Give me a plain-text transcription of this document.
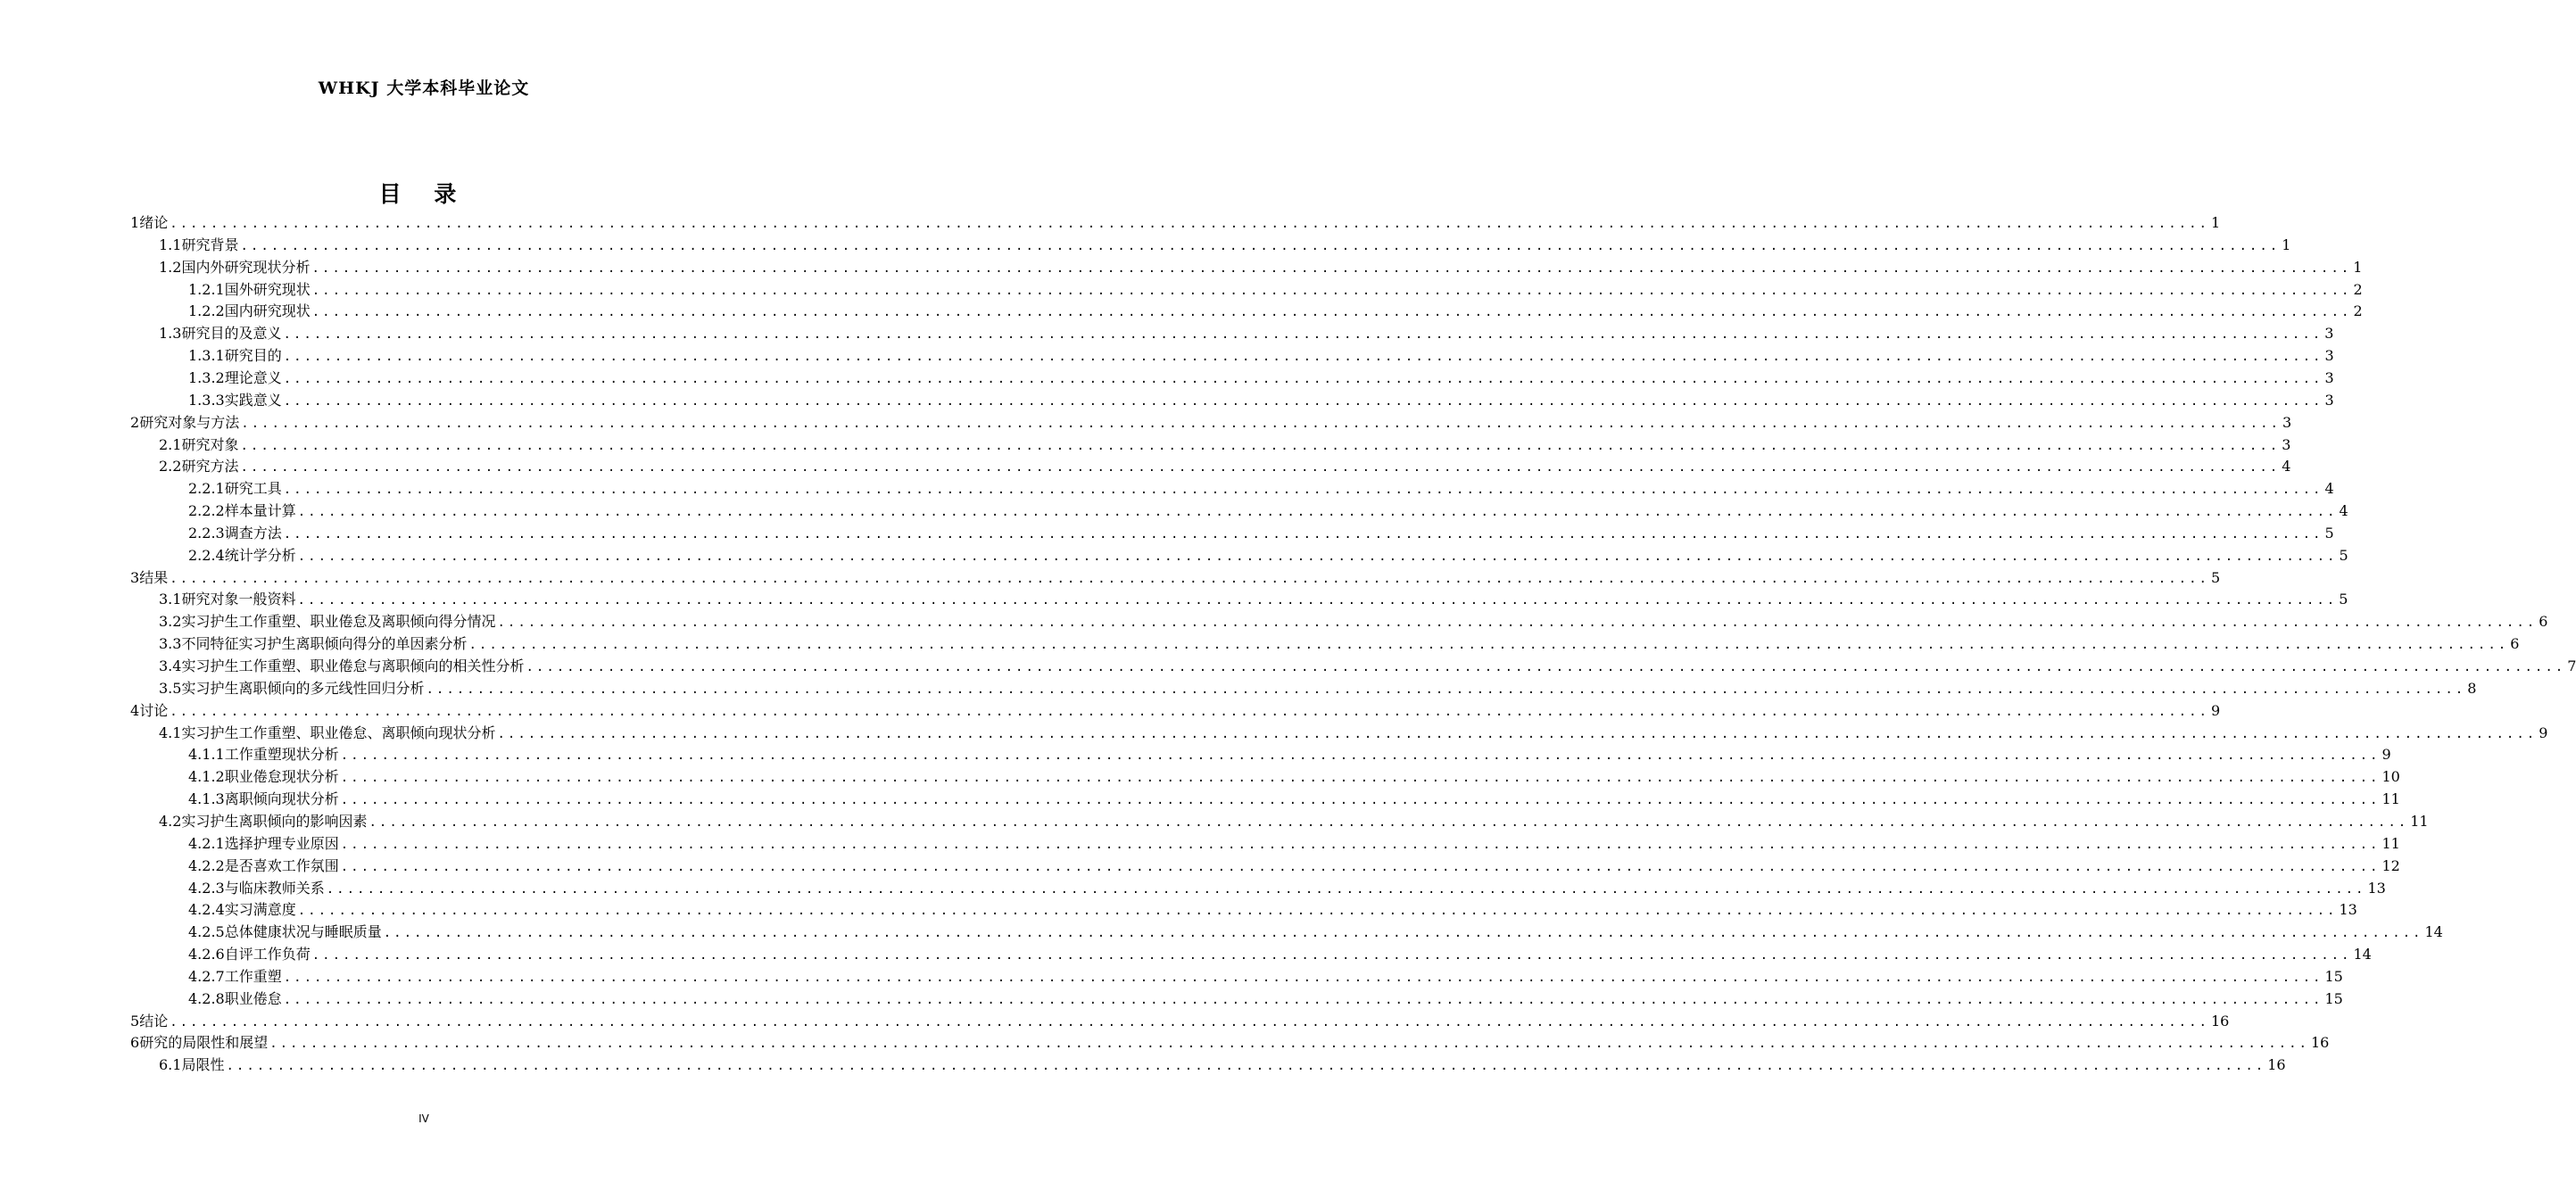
WHKJ 大学本科毕业论文
目 录
1 绪论 ........................................................................................................................................................................................................ 1
1.1 研究背景 ........................................................................................................................................................................................................ 1
1.2 国内外研究现状分析 ........................................................................................................................................................................................................ 1
1.2.1 国外研究现状 ........................................................................................................................................................................................................ 2
1.2.2 国内研究现状 ........................................................................................................................................................................................................ 2
1.3 研究目的及意义 ........................................................................................................................................................................................................ 3
1.3.1 研究目的 ........................................................................................................................................................................................................ 3
1.3.2 理论意义 ........................................................................................................................................................................................................ 3
1.3.3 实践意义 ........................................................................................................................................................................................................ 3
2 研究对象与方法 ........................................................................................................................................................................................................ 3
2.1 研究对象 ........................................................................................................................................................................................................ 3
2.2 研究方法 ........................................................................................................................................................................................................ 4
2.2.1 研究工具 ........................................................................................................................................................................................................ 4
2.2.2 样本量计算 ........................................................................................................................................................................................................ 4
2.2.3 调查方法 ........................................................................................................................................................................................................ 5
2.2.4 统计学分析 ........................................................................................................................................................................................................ 5
3 结果 ........................................................................................................................................................................................................ 5
3.1 研究对象一般资料 ........................................................................................................................................................................................................ 5
3.2 实习护生工作重塑、职业倦怠及离职倾向得分情况 ........................................................................................................................................................................................................ 6
3.3 不同特征实习护生离职倾向得分的单因素分析 ........................................................................................................................................................................................................ 6
3.4 实习护生工作重塑、职业倦怠与离职倾向的相关性分析 ........................................................................................................................................................................................................ 7
3.5 实习护生离职倾向的多元线性回归分析 ........................................................................................................................................................................................................ 8
4 讨论 ........................................................................................................................................................................................................ 9
4.1 实习护生工作重塑、职业倦怠、离职倾向现状分析 ........................................................................................................................................................................................................ 9
4.1.1 工作重塑现状分析 ........................................................................................................................................................................................................ 9
4.1.2 职业倦怠现状分析 ........................................................................................................................................................................................................ 10
4.1.3 离职倾向现状分析 ........................................................................................................................................................................................................ 11
4.2 实习护生离职倾向的影响因素 ........................................................................................................................................................................................................ 11
4.2.1 选择护理专业原因 ........................................................................................................................................................................................................ 11
4.2.2 是否喜欢工作氛围 ........................................................................................................................................................................................................ 12
4.2.3 与临床教师关系 ........................................................................................................................................................................................................ 13
4.2.4 实习满意度 ........................................................................................................................................................................................................ 13
4.2.5 总体健康状况与睡眠质量 ........................................................................................................................................................................................................ 14
4.2.6 自评工作负荷 ........................................................................................................................................................................................................ 14
4.2.7 工作重塑 ........................................................................................................................................................................................................ 15
4.2.8 职业倦怠 ........................................................................................................................................................................................................ 15
5 结论 ........................................................................................................................................................................................................ 16
6 研究的局限性和展望 ........................................................................................................................................................................................................ 16
6.1 局限性 ........................................................................................................................................................................................................ 16
IV
